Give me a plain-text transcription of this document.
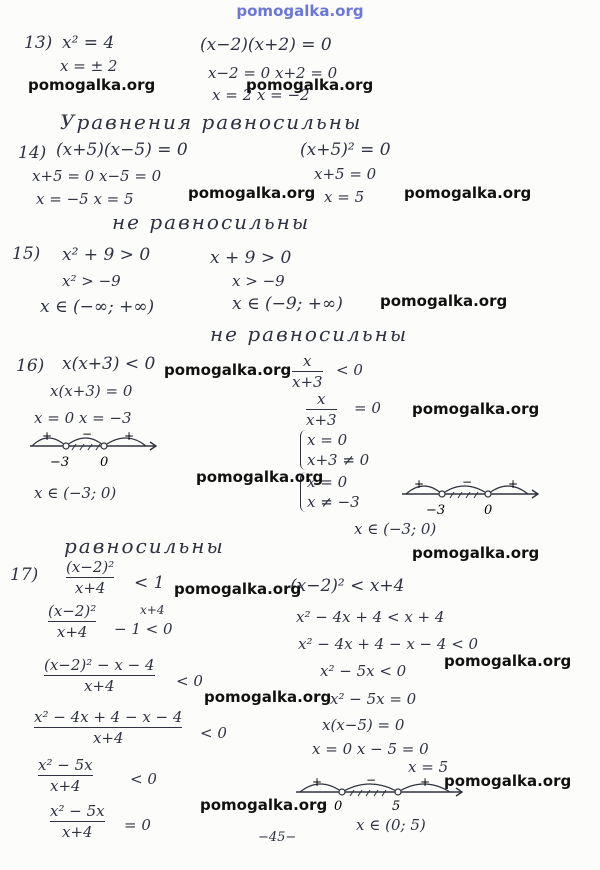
pomogalka.org
13) x² = 4
x = ± 2
(x−2)(x+2) = 0
x−2 = 0 x+2 = 0
x = 2 x = −2
Уравнения равносильны
14) (x+5)(x−5) = 0
x+5 = 0 x−5 = 0
x = −5 x = 5
(x+5)² = 0
x+5 = 0
x = 5
не равносильны
15) x² + 9 > 0
x² > −9
x ∈ (−∞; +∞)
x + 9 > 0
x > −9
x ∈ (−9; +∞)
не равносильны
16) x(x+3) < 0
x(x+3) = 0
x = 0 x = −3
+ −	+
−3 0
x ∈ (−3; 0)
x
x+3
< 0
x
x+3
= 0
x = 0
x+3 ≠ 0
x = 0
x ≠ −3
+	−	+
−3	0
x ∈ (−3; 0)
равносильны
17) (x−2)²
x+4 < 1
(x−2)²
x+4 − 1 < 0
x+4
(x−2)² − x − 4
x+4	< 0
x² − 4x + 4 − x − 4
x+4	< 0
x² − 5x
x+4	< 0
x² − 5x
x+4 = 0
(x−2)² < x+4
x² − 4x + 4 < x + 4
x² − 4x + 4 − x − 4 < 0
x² − 5x < 0
x² − 5x = 0
x(x−5) = 0
x = 0 x − 5 = 0
x = 5
+	−	+
0	5
x ∈ (0; 5)
−45−
pomogalka.org	pomogalka.org
pomogalka.org	pomogalka.org
pomogalka.org
pomogalka.org
pomogalka.org
pomogalka.org
pomogalka.org
pomogalka.org
pomogalka.org
pomogalka.org
pomogalka.org
pomogalka.org
